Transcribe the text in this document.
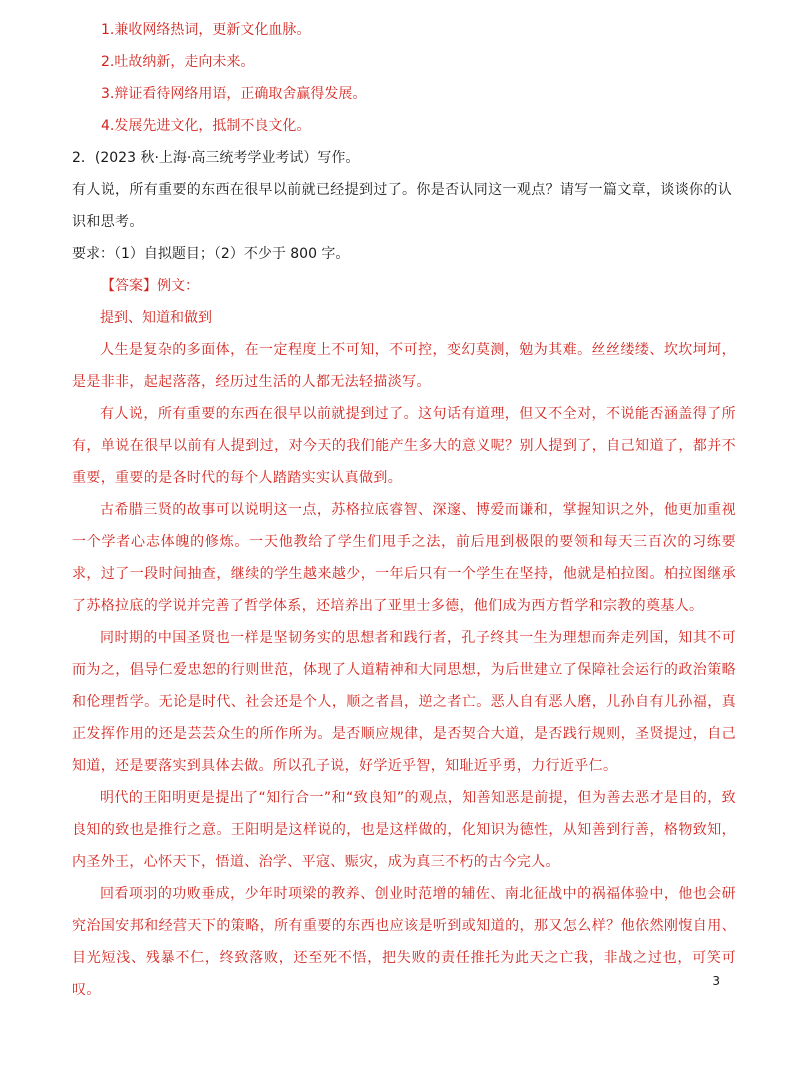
1.兼收网络热词，更新文化血脉。

2.吐故纳新，走向未来。

3.辩证看待网络用语，正确取舍赢得发展。

4.发展先进文化，抵制不良文化。

2．(2023 秋·上海·高三统考学业考试）写作。

有人说，所有重要的东西在很早以前就已经提到过了。你是否认同这一观点？请写一篇文章，谈谈你的认识和思考。

要求：（1）自拟题目；（2）不少于 800 字。

【答案】例文：

提到、知道和做到

人生是复杂的多面体，在一定程度上不可知，不可控，变幻莫测，勉为其难。丝丝缕缕、坎坎坷坷，是是非非，起起落落，经历过生活的人都无法轻描淡写。

有人说，所有重要的东西在很早以前就提到过了。这句话有道理，但又不全对，不说能否涵盖得了所有，单说在很早以前有人提到过，对今天的我们能产生多大的意义呢？别人提到了，自己知道了，都并不重要，重要的是各时代的每个人踏踏实实认真做到。

古希腊三贤的故事可以说明这一点，苏格拉底睿智、深邃、博爱而谦和，掌握知识之外，他更加重视一个学者心志体魄的修炼。一天他教给了学生们甩手之法，前后甩到极限的要领和每天三百次的习练要求，过了一段时间抽查，继续的学生越来越少，一年后只有一个学生在坚持，他就是柏拉图。柏拉图继承了苏格拉底的学说并完善了哲学体系，还培养出了亚里士多德，他们成为西方哲学和宗教的奠基人。

同时期的中国圣贤也一样是坚韧务实的思想者和践行者，孔子终其一生为理想而奔走列国，知其不可而为之，倡导仁爱忠恕的行则世范，体现了人道精神和大同思想，为后世建立了保障社会运行的政治策略和伦理哲学。无论是时代、社会还是个人，顺之者昌，逆之者亡。恶人自有恶人磨，儿孙自有儿孙福，真正发挥作用的还是芸芸众生的所作所为。是否顺应规律，是否契合大道，是否践行规则，圣贤提过，自己知道，还是要落实到具体去做。所以孔子说，好学近乎智，知耻近乎勇，力行近乎仁。

明代的王阳明更是提出了“知行合一”和“致良知”的观点，知善知恶是前提，但为善去恶才是目的，致良知的致也是推行之意。王阳明是这样说的，也是这样做的，化知识为德性，从知善到行善，格物致知，内圣外王，心怀天下，悟道、治学、平寇、赈灾，成为真三不朽的古今完人。

回看项羽的功败垂成，少年时项梁的教养、创业时范增的辅佐、南北征战中的祸福体验中，他也会研究治国安邦和经营天下的策略，所有重要的东西也应该是听到或知道的，那又怎么样？他依然刚愎自用、目光短浅、残暴不仁，终致落败，还至死不悟，把失败的责任推托为此天之亡我，非战之过也，可笑可叹。

3
